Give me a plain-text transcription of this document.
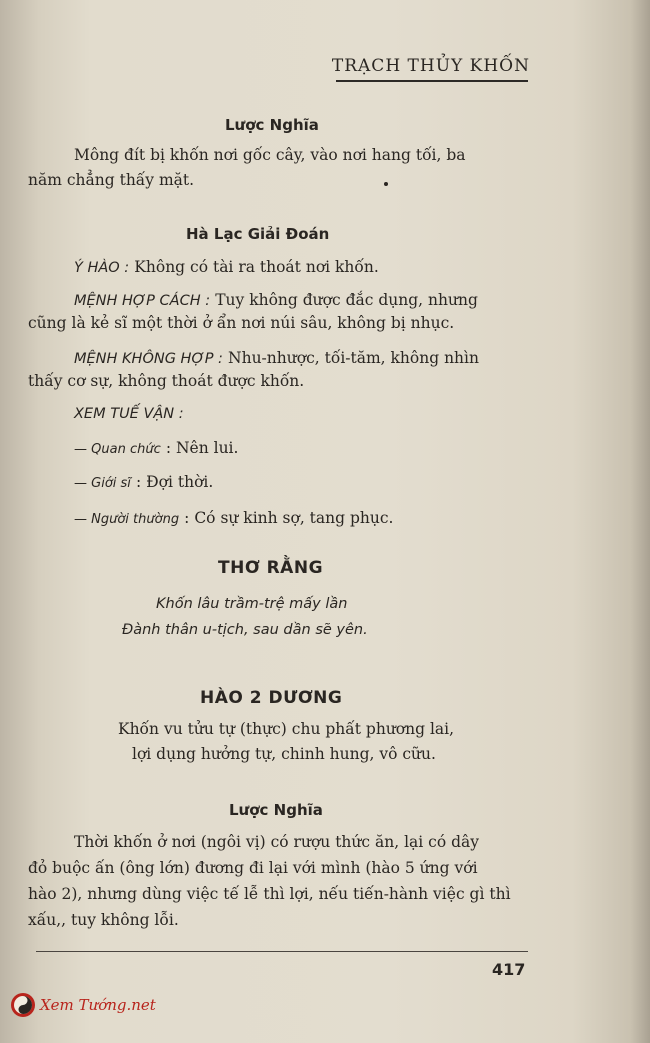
TRẠCH THỦY KHỐN
Lược Nghĩa
Mông đít bị khốn nơi gốc cây, vào nơi hang tối, ba
năm chẳng thấy mặt.
Hà Lạc Giải Đoán
Ý HÀO : Không có tài ra thoát nơi khốn.
MỆNH HỢP CÁCH : Tuy không được đắc dụng, nhưng
cũng là kẻ sĩ một thời ở ẩn nơi núi sâu, không bị nhục.
MỆNH KHÔNG HỢP : Nhu-nhược, tối-tăm, không nhìn
thấy cơ sự, không thoát được khốn.
XEM TUẾ VẬN :
— Quan chức : Nên lui.
— Giới sĩ : Đợi thời.
— Người thường : Có sự kinh sợ, tang phục.
THƠ RẰNG
Khốn lâu trầm-trệ mấy lần
Đành thân u-tịch, sau dần sẽ yên.
HÀO 2 DƯƠNG
Khốn vu tửu tự (thực) chu phất phương lai,
lợi dụng hưởng tự, chinh hung, vô cữu.
Lược Nghĩa
Thời khốn ở nơi (ngôi vị) có rượu thức ăn, lại có dây
đỏ buộc ấn (ông lớn) đương đi lại với mình (hào 5 ứng với
hào 2), nhưng dùng việc tế lễ thì lợi, nếu tiến-hành việc gì thì
xấu,, tuy không lỗi.
417
Xem Tướng.net
